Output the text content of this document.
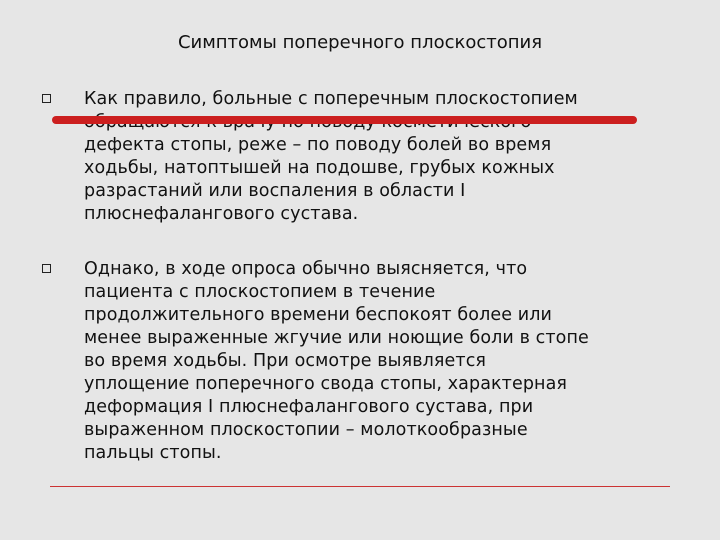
Симптомы поперечного плоскостопия
Как правило, больные с поперечным плоскостопием

дефекта стопы, реже – по поводу болей во время
ходьбы, натоптышей на подошве, грубых кожных
разрастаний или воспаления в области I
плюснефалангового сустава.
Однако, в ходе опроса обычно выясняется, что
пациента с плоскостопием в течение
продолжительного времени беспокоят более или
менее выраженные жгучие или ноющие боли в стопе
во время ходьбы. При осмотре выявляется
уплощение поперечного свода стопы, характерная
деформация I плюснефалангового сустава, при
выраженном плоскостопии – молоткообразные
пальцы стопы.
